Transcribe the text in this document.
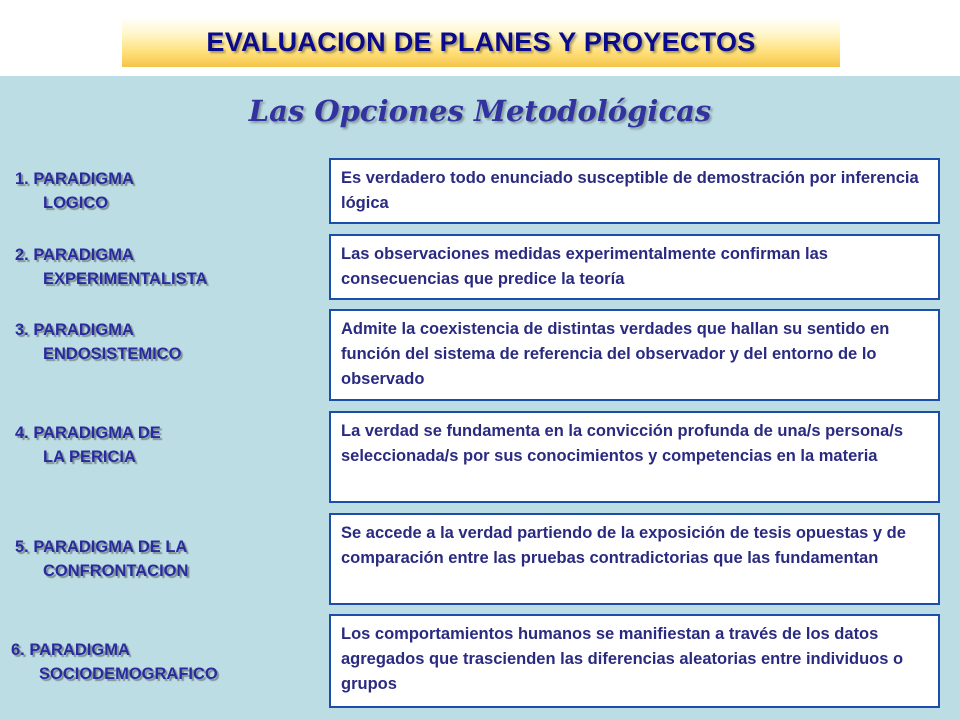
EVALUACION DE PLANES Y PROYECTOS
Las Opciones Metodológicas
1. PARADIGMA
LOGICO
Es verdadero todo enunciado susceptible de demostración por inferencia lógica
2. PARADIGMA
EXPERIMENTALISTA
Las observaciones medidas experimentalmente confirman las consecuencias que predice la teoría
3. PARADIGMA
ENDOSISTEMICO
Admite la coexistencia de distintas verdades que hallan su sentido en función del sistema de referencia del observador y del entorno de lo observado
4. PARADIGMA DE
LA PERICIA
La verdad se fundamenta en la convicción profunda de una/s persona/s seleccionada/s por sus conocimientos y competencias en la materia
5. PARADIGMA DE LA
CONFRONTACION
Se accede a la verdad partiendo de la exposición de tesis opuestas y de comparación entre las pruebas contradictorias que las fundamentan
6. PARADIGMA
SOCIODEMOGRAFICO
Los comportamientos humanos se manifiestan a través de los datos agregados que trascienden las diferencias aleatorias entre individuos o grupos
